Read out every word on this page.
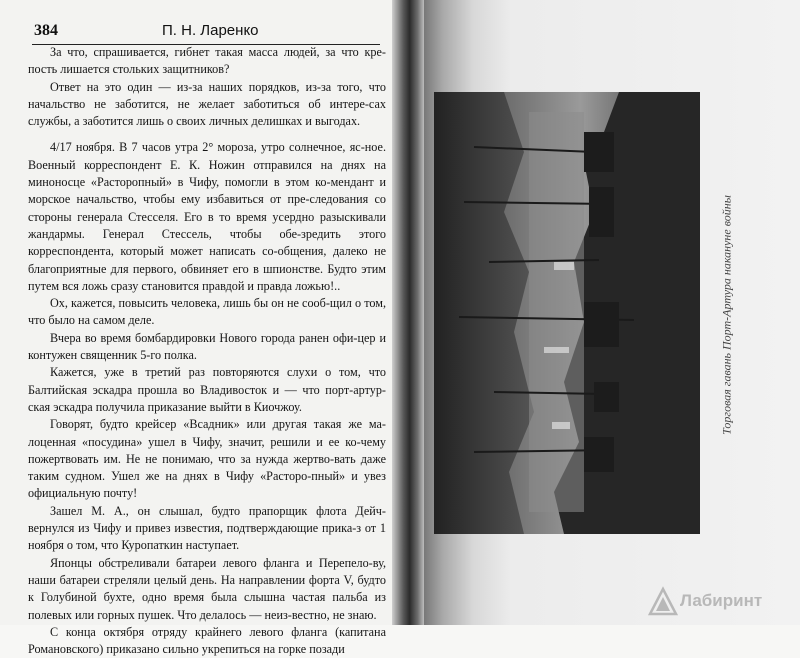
384	П. Н. Ларенко

За что, спрашивается, гибнет такая масса людей, за что кре-пость лишается стольких защитников?

Ответ на это один — из-за наших порядков, из-за того, что начальство не заботится, не желает заботиться об интере-сах службы, а заботится лишь о своих личных делишках и выгодах.

4/17 ноября. В 7 часов утра 2° мороза, утро солнечное, яс-ное. Военный корреспондент Е. К. Ножин отправился на днях на миноносце «Расторопный» в Чифу, помогли в этом ко-мендант и морское начальство, чтобы ему избавиться от пре-следования со стороны генерала Стесселя. Его в то время усердно разыскивали жандармы. Генерал Стессель, чтобы обе-зредить этого корреспондента, который может написать со-общения, далеко не благоприятные для первого, обвиняет его в шпионстве. Будто этим путем вся ложь сразу становится правдой и правда ложью!..

Ох, кажется, повысить человека, лишь бы он не сооб-щил о том, что было на самом деле.

Вчера во время бомбардировки Нового города ранен офи-цер и контужен священник 5-го полка.

Кажется, уже в третий раз повторяются слухи о том, что Балтийская эскадра прошла во Владивосток и — что порт-артур-ская эскадра получила приказание выйти в Киочжоу.

Говорят, будто крейсер «Всадник» или другая такая же ма-лоценная «посудина» ушел в Чифу, значит, решили и ее ко-чему пожертвовать им. Не не понимаю, что за нужда жертво-вать даже таким судном. Ушел же на днях в Чифу «Расторо-пный» и увез официальную почту!

Зашел М. А., он слышал, будто прапорщик флота Дейч-вернулся из Чифу и привез известия, подтверждающие прика-з от 1 ноября о том, что Куропаткин наступает.

Японцы обстреливали батареи левого фланга и Перепело-ву, наши батареи стреляли целый день. На направлении форта V, будто к Голубиной бухте, одно время была слышна частая пальба из полевых или горных пушек. Что делалось — неиз-вестно, не знаю.

С конца октября отряду крайнего левого фланга (капитана Романовского) приказано сильно укрепиться на горке позади

Торговая гавань Порт-Артура накануне войны
Лабиринт
